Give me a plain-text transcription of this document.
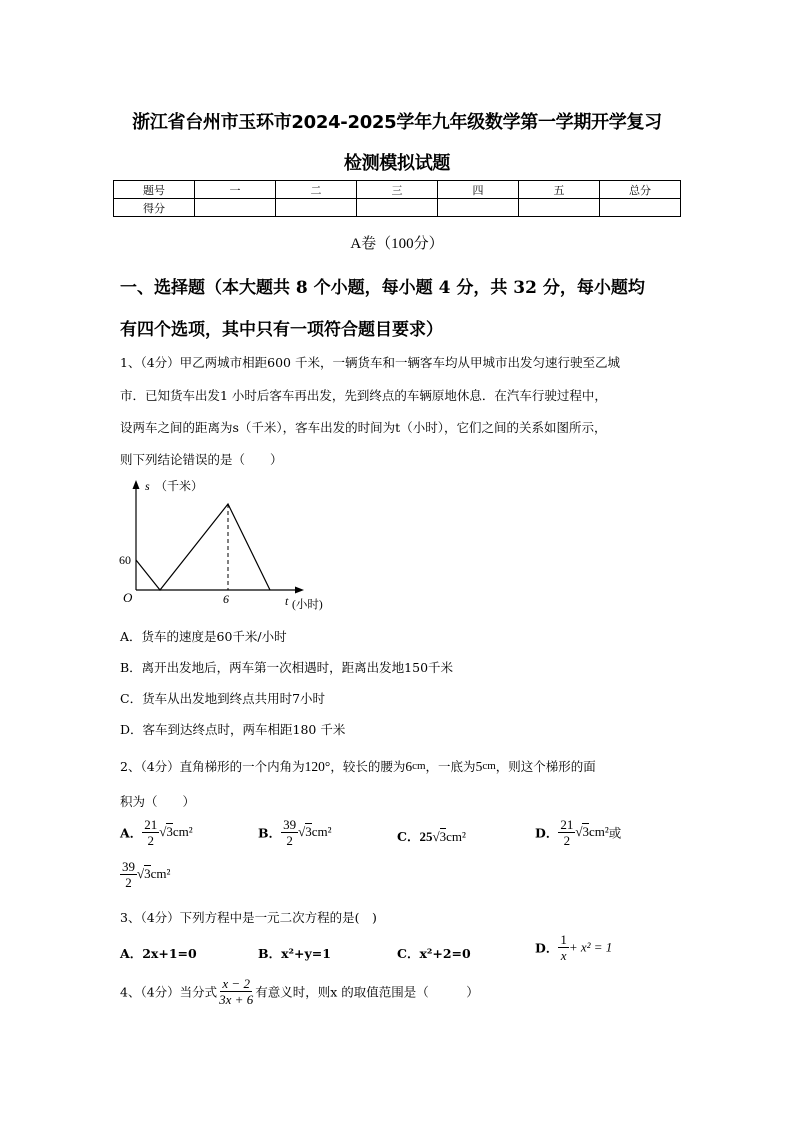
浙江省台州市玉环市2024-2025学年九年级数学第一学期开学复习
检测模拟试题
题号	一	二	三	四	五	总分
得分						
A卷（100分）
一、选择题（本大题共 8 个小题，每小题 4 分，共 32 分，每小题均
有四个选项，其中只有一项符合题目要求）
1、（4分）甲乙两城市相距600 千米，一辆货车和一辆客车均从甲城市出发匀速行驶至乙城
市．已知货车出发1 小时后客车再出发，先到终点的车辆原地休息．在汽车行驶过程中，
设两车之间的距离为s（千米），客车出发的时间为t（小时），它们之间的关系如图所示，
则下列结论错误的是（　　）
s （千米）
60
O	6	t (小时)
A．货车的速度是60千米/小时
B．离开出发地后，两车第一次相遇时，距离出发地150千米
C．货车从出发地到终点共用时7小时
D．客车到达终点时，两车相距180 千米
2、（4分）直角梯形的一个内角为120°，较长的腰为6cm，一底为5cm，则这个梯形的面
积为（　　）
A． $\frac{21}{2} √3cm^2$	B． $\frac{39}{2} √3cm^2$	C．25√3cm²	D． $\frac{21}{2} √3cm^2$或
$\frac{39}{2} √3cm^2$
3、（4分）下列方程中是一元二次方程的是(　)
A．2x+1=0	B．x²+y=1	C．x²+2=0	D． $\frac{1}{x} + x^2 = 1$
4、（4分）当分式 $\frac{x - 2}{3x + 6}$ 有意义时，则x 的取值范围是（　　　）
